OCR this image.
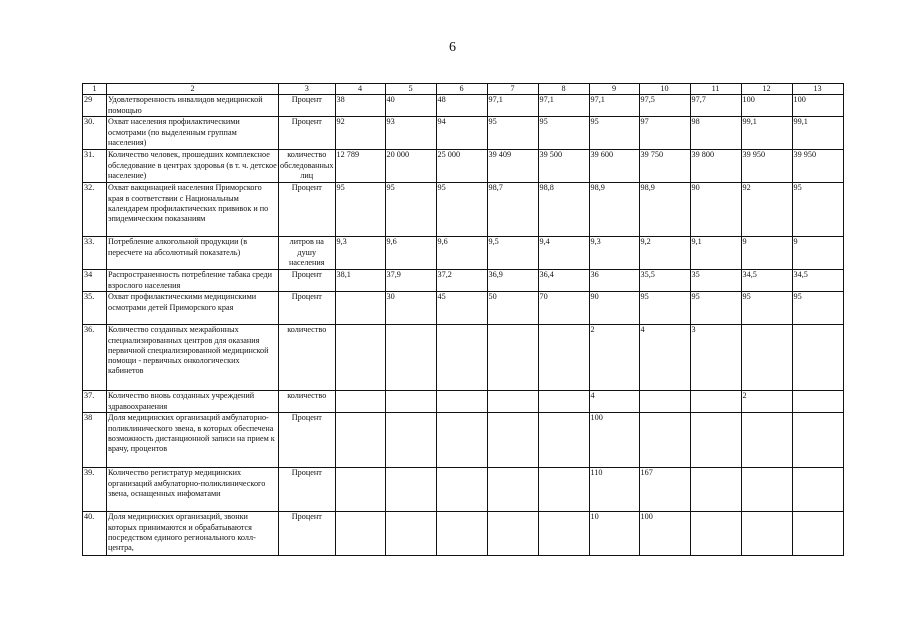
6
1	2	3	4	5	6	7	8	9	10	11	12	13
29	Удовлетворенность инвалидов медицинской помощью	Процент	38	40	48	97,1	97,1	97,1	97,5	97,7	100	100
30.	Охват населения профилактическими осмотрами (по выделенным группам населения)	Процент	92	93	94	95	95	95	97	98	99,1	99,1
31.	Количество человек, прошедших комплексное обследование в центрах здоровья (в т. ч. детское население)	количество обследованных лиц	12 789	20 000	25 000	39 409	39 500	39 600	39 750	39 800	39 950	39 950
32.	Охват вакцинацией населения Приморского края в соответствии с Национальным календарем профилактических прививок и по эпидемическим показаниям	Процент	95	95	95	98,7	98,8	98,9	98,9	90	92	95
33.	Потребление алкогольной продукции (в пересчете на абсолютный показатель)	литров на душу населения	9,3	9,6	9,6	9,5	9,4	9,3	9,2	9,1	9	9
34	Распространенность потребление табака среди взрослого населения	Процент	38,1	37,9	37,2	36,9	36,4	36	35,5	35	34,5	34,5
35.	Охват профилактическими медицинскими осмотрами детей Приморского края	Процент		30	45	50	70	90	95	95	95	95
36.	Количество созданных межрайонных специализированных центров для оказания первичной специализированной медицинской помощи - первичных онкологических кабинетов	количество						2	4	3		
37.	Количество вновь созданных учреждений здравоохранения	количество						4			2	
38	Доля медицинских организаций амбулаторно-поликлинического звена, в которых обеспечена возможность дистанционной записи на прием к врачу, процентов	Процент						100				
39.	Количество регистратур медицинских организаций амбулаторно-поликлинического звена, оснащенных инфоматами	Процент						110	167			
40.	Доля медицинских организаций, звонки которых принимаются и обрабатываются посредством единого регионального колл-центра,	Процент						10	100			
